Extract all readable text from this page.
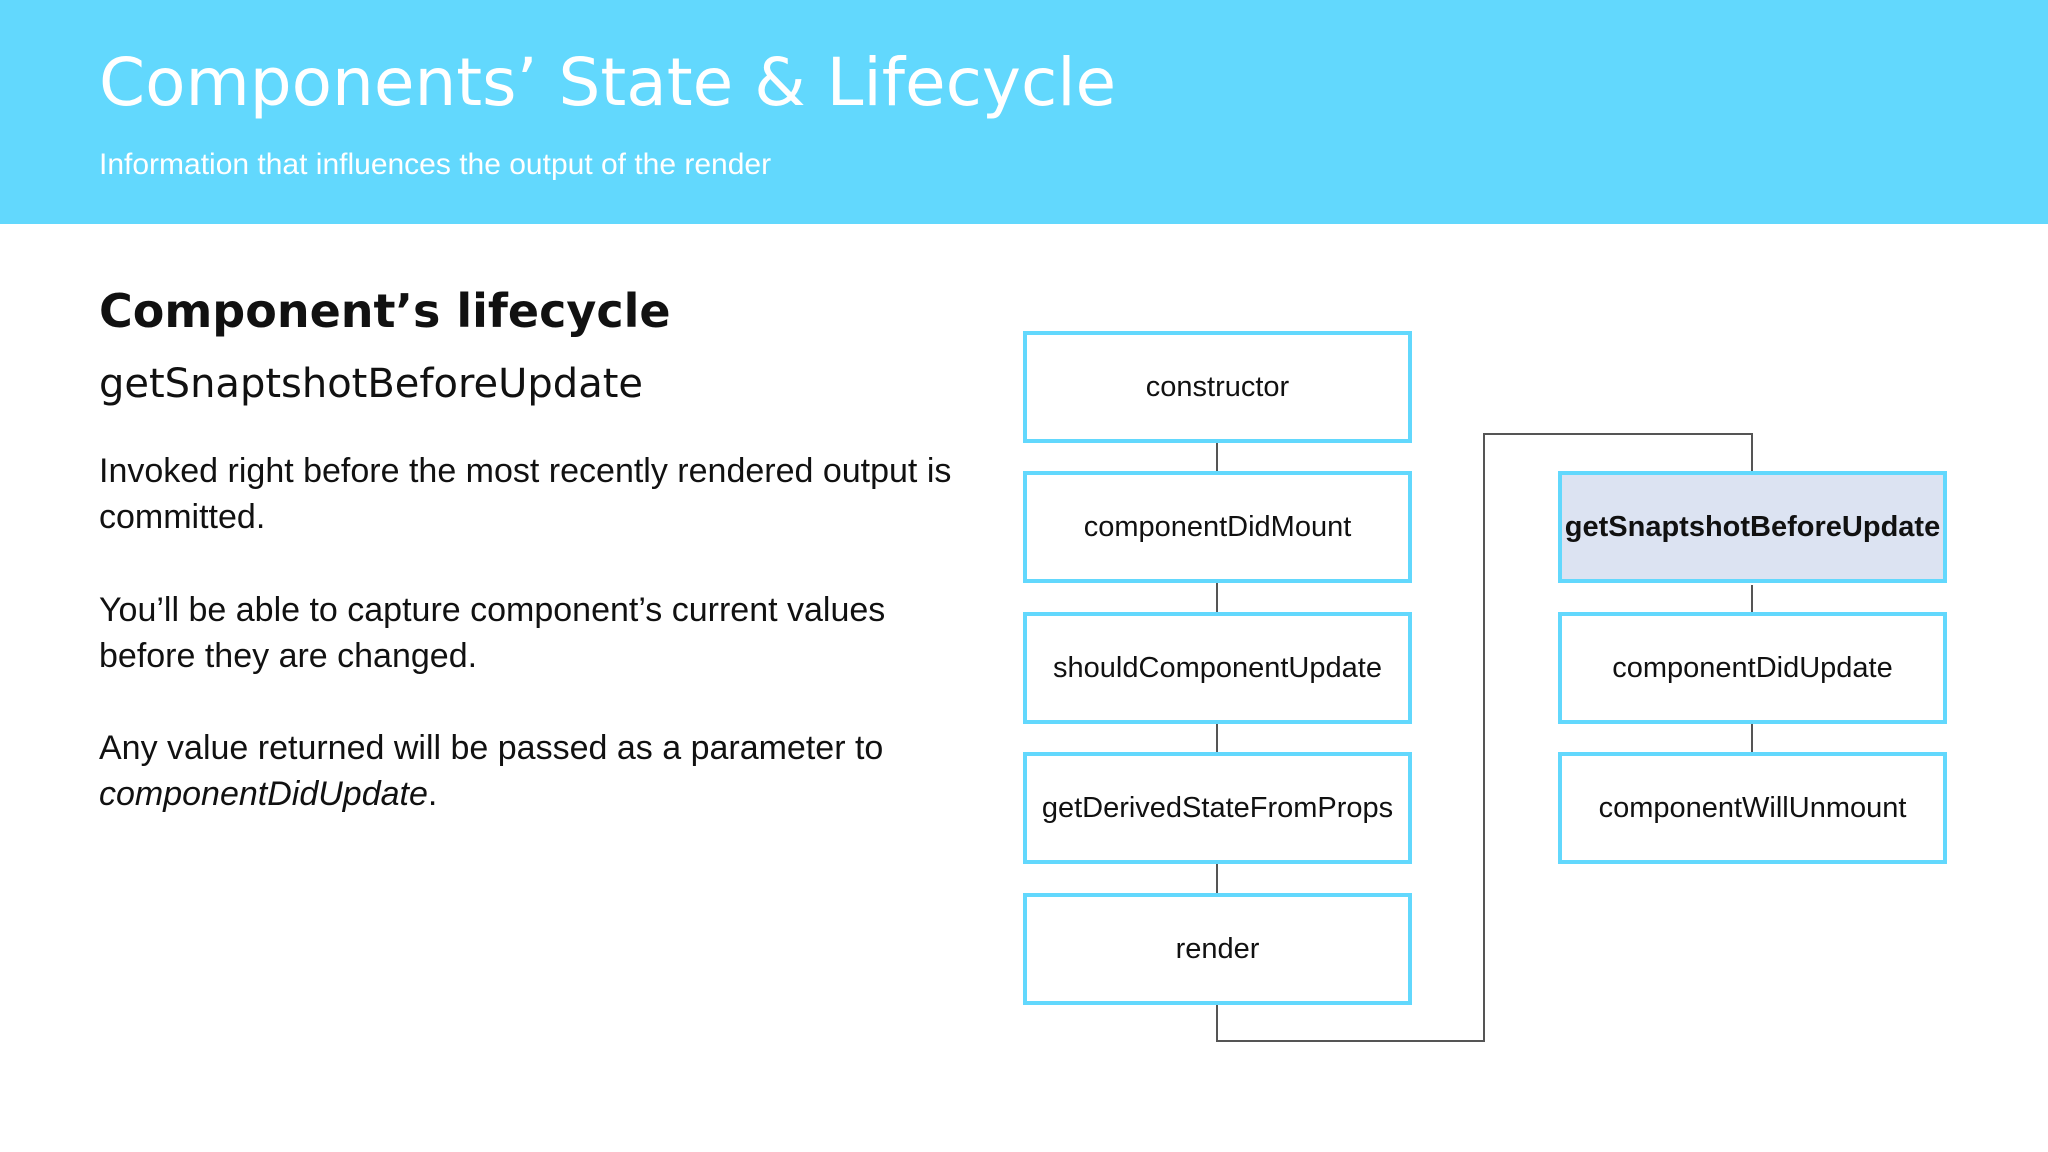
Components’ State & Lifecycle
Information that influences the output of the render
Component’s lifecycle
getSnaptshotBeforeUpdate

Invoked right before the most recently rendered output is committed.

You’ll be able to capture component’s current values before they are changed.

Any value returned will be passed as a parameter to componentDidUpdate.

constructor
componentDidMount
shouldComponentUpdate
getDerivedStateFromProps
render
getSnaptshotBeforeUpdate
componentDidUpdate
componentWillUnmount
